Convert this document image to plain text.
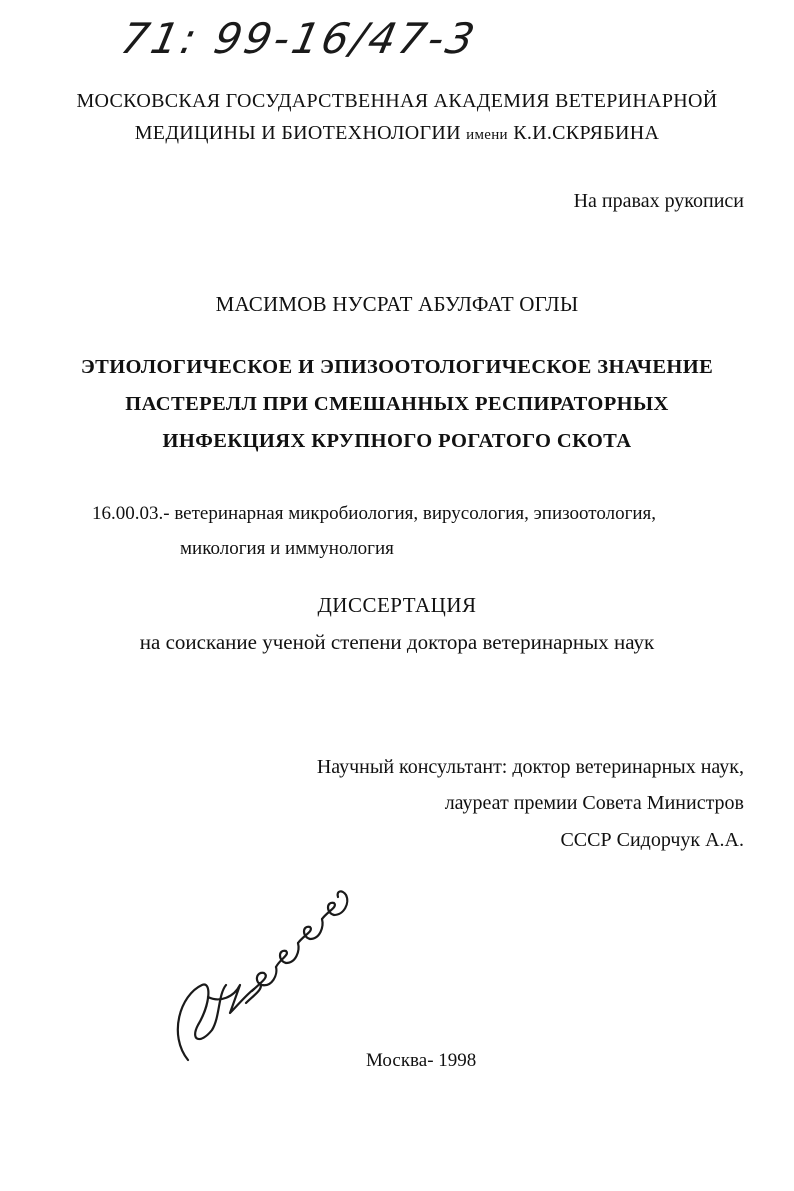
71: 99-16/47-3
МОСКОВСКАЯ ГОСУДАРСТВЕННАЯ АКАДЕМИЯ ВЕТЕРИНАРНОЙ
МЕДИЦИНЫ И БИОТЕХНОЛОГИИ имени К.И.СКРЯБИНА
На правах рукописи
МАСИМОВ НУСРАТ АБУЛФАТ ОГЛЫ
ЭТИОЛОГИЧЕСКОЕ И ЭПИЗООТОЛОГИЧЕСКОЕ ЗНАЧЕНИЕ
ПАСТЕРЕЛЛ ПРИ СМЕШАННЫХ РЕСПИРАТОРНЫХ
ИНФЕКЦИЯХ КРУПНОГО РОГАТОГО СКОТА
16.00.03.- ветеринарная микробиология, вирусология, эпизоотология,
микология и иммунология
ДИССЕРТАЦИЯ
на соискание ученой степени доктора ветеринарных наук
Научный консультант: доктор ветеринарных наук,
лауреат премии Совета Министров
СССР Сидорчук А.А.
Москва- 1998
